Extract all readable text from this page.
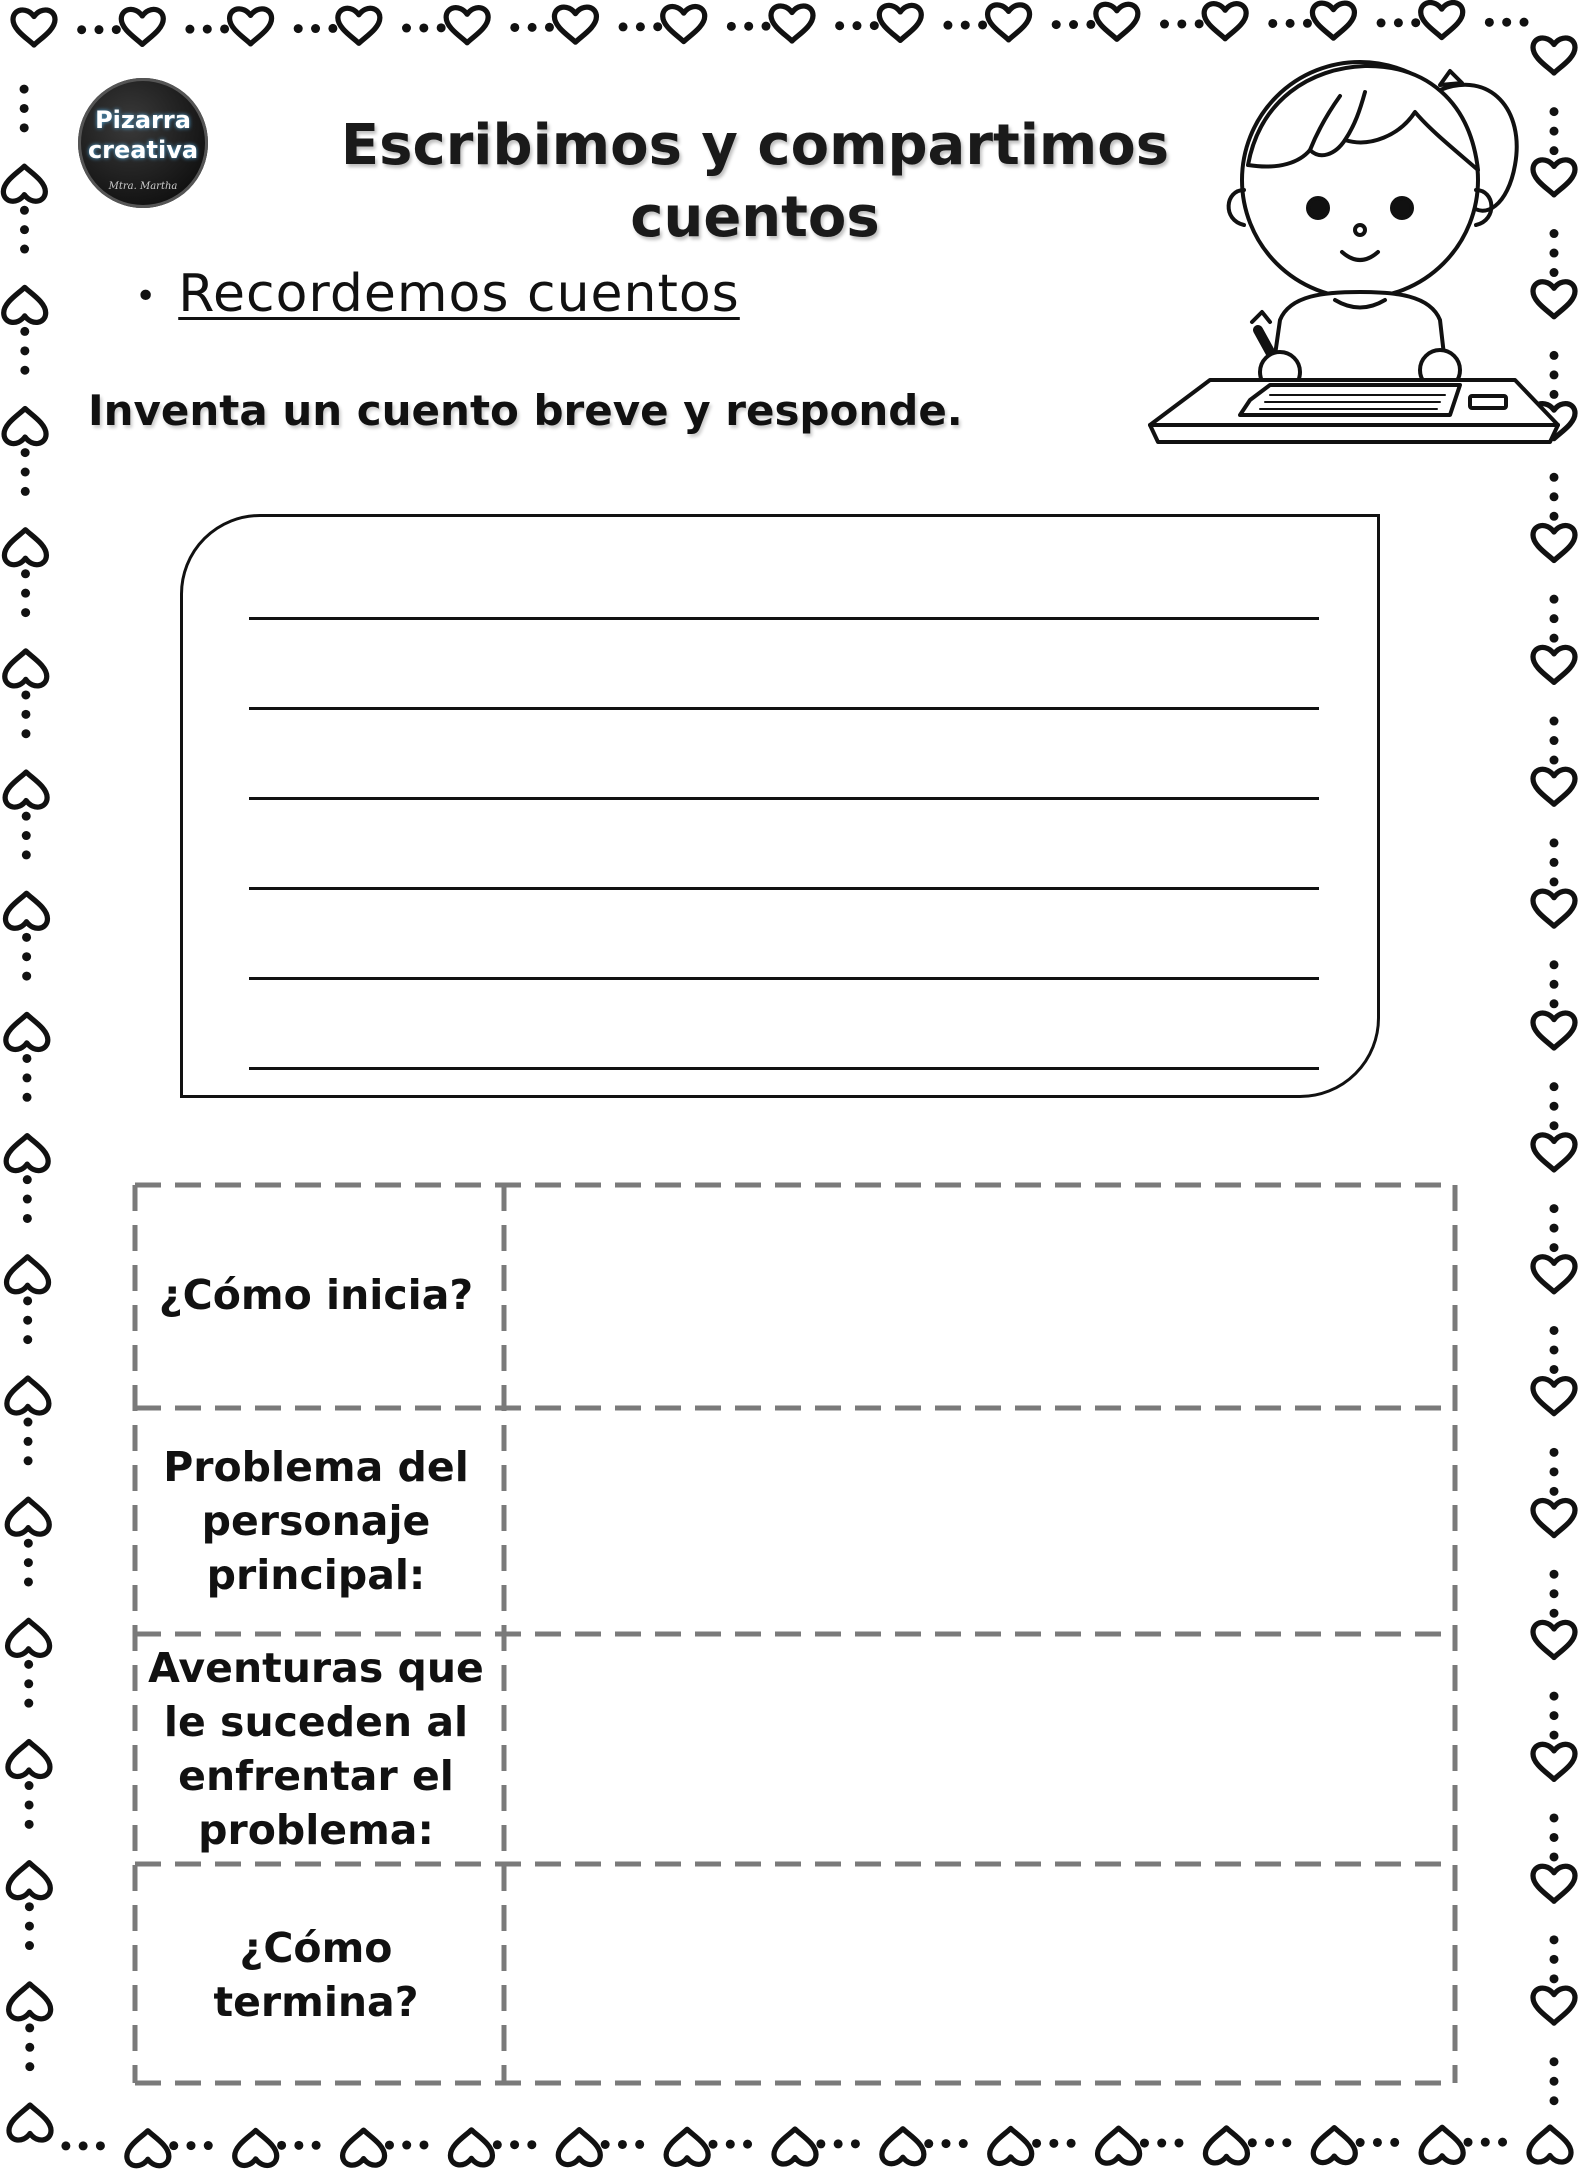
Pizarra
creativa
Mtra. Martha
Escribimos y compartimos cuentos
• Recordemos cuentos
Inventa un cuento breve y responde.
¿Cómo inicia?
Problema del personaje principal:
Aventuras que le suceden al enfrentar el problema:
¿Cómo termina?
